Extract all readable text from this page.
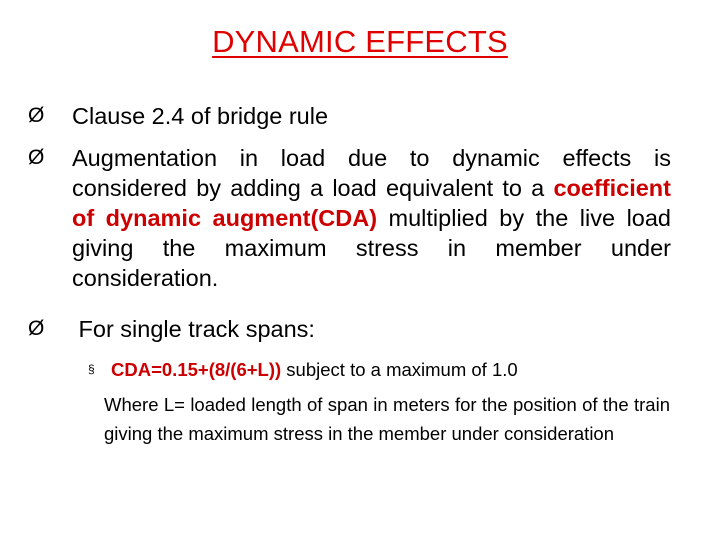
DYNAMIC EFFECTS
Ø Clause 2.4 of bridge rule
Ø Augmentation in load due to dynamic effects is considered by adding a load equivalent to a coefficient of dynamic augment(CDA) multiplied by the live load giving the maximum stress in member under consideration.
Ø For single track spans:
§ CDA=0.15+(8/(6+L)) subject to a maximum of 1.0
Where L= loaded length of span in meters for the position of the train giving the maximum stress in the member under consideration
